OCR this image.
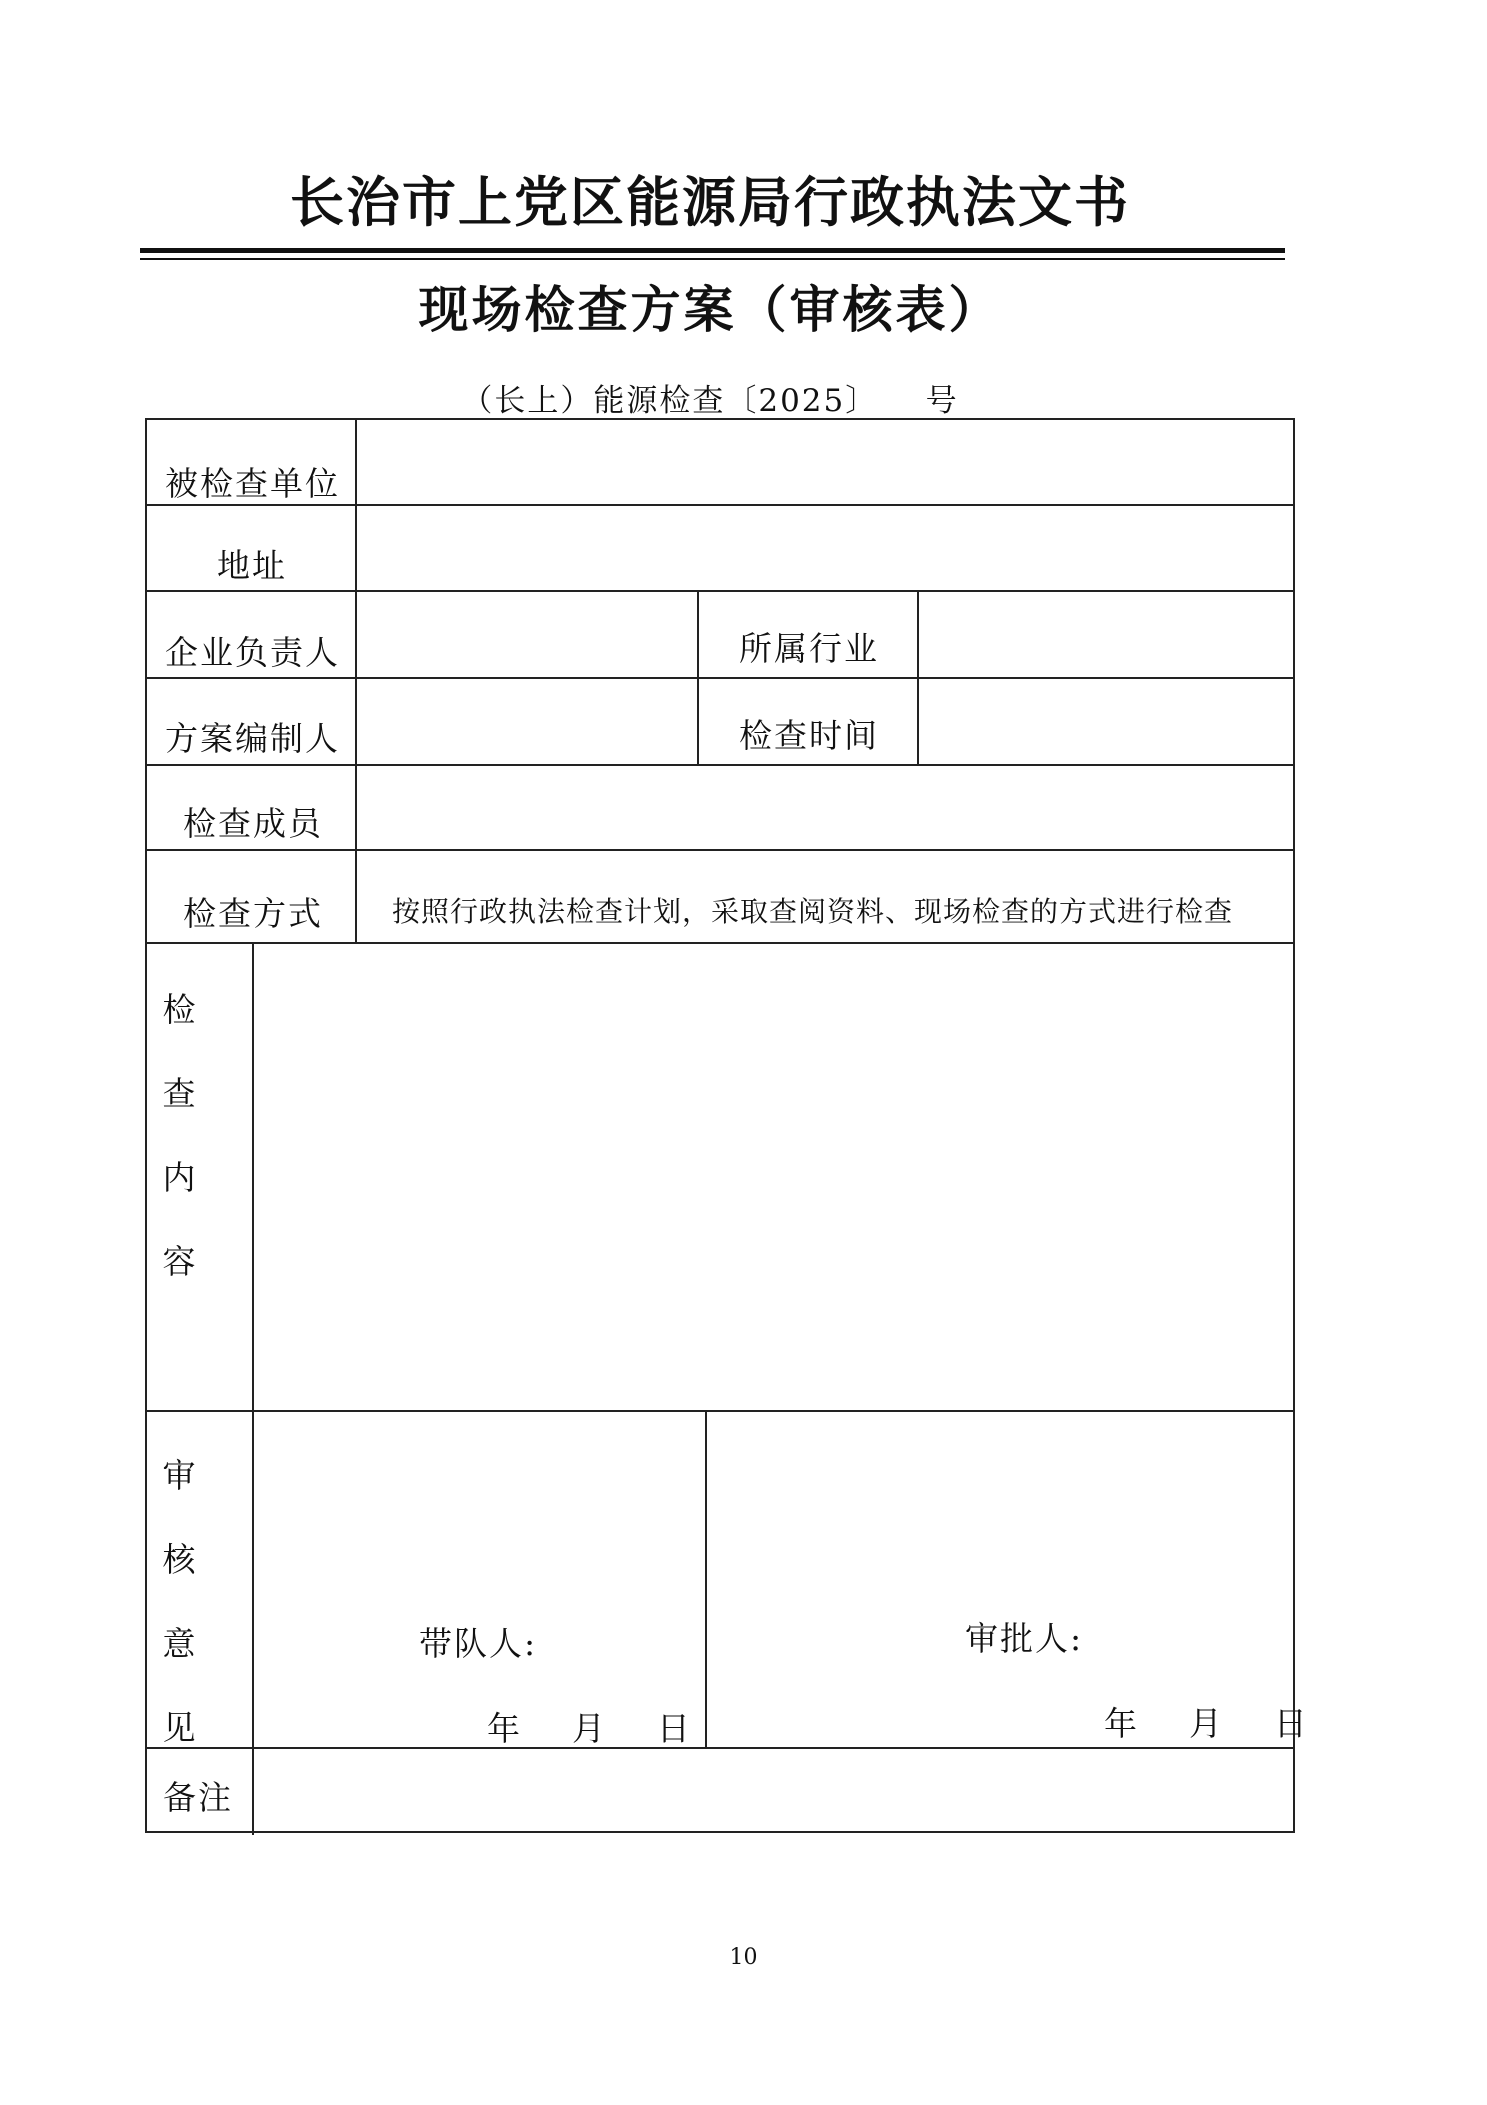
长治市上党区能源局行政执法文书
现场检查方案（审核表）
（长上）能源检查〔2025〕    号
被检查单位
地址
企业负责人	所属行业
方案编制人	检查时间
检查成员
检查方式 按照行政执法检查计划，采取查阅资料、现场检查的方式进行检查
检
查
内
容
审
核
意
见
带队人:
年    月    日
审批人:
年    月    日
备注
10
